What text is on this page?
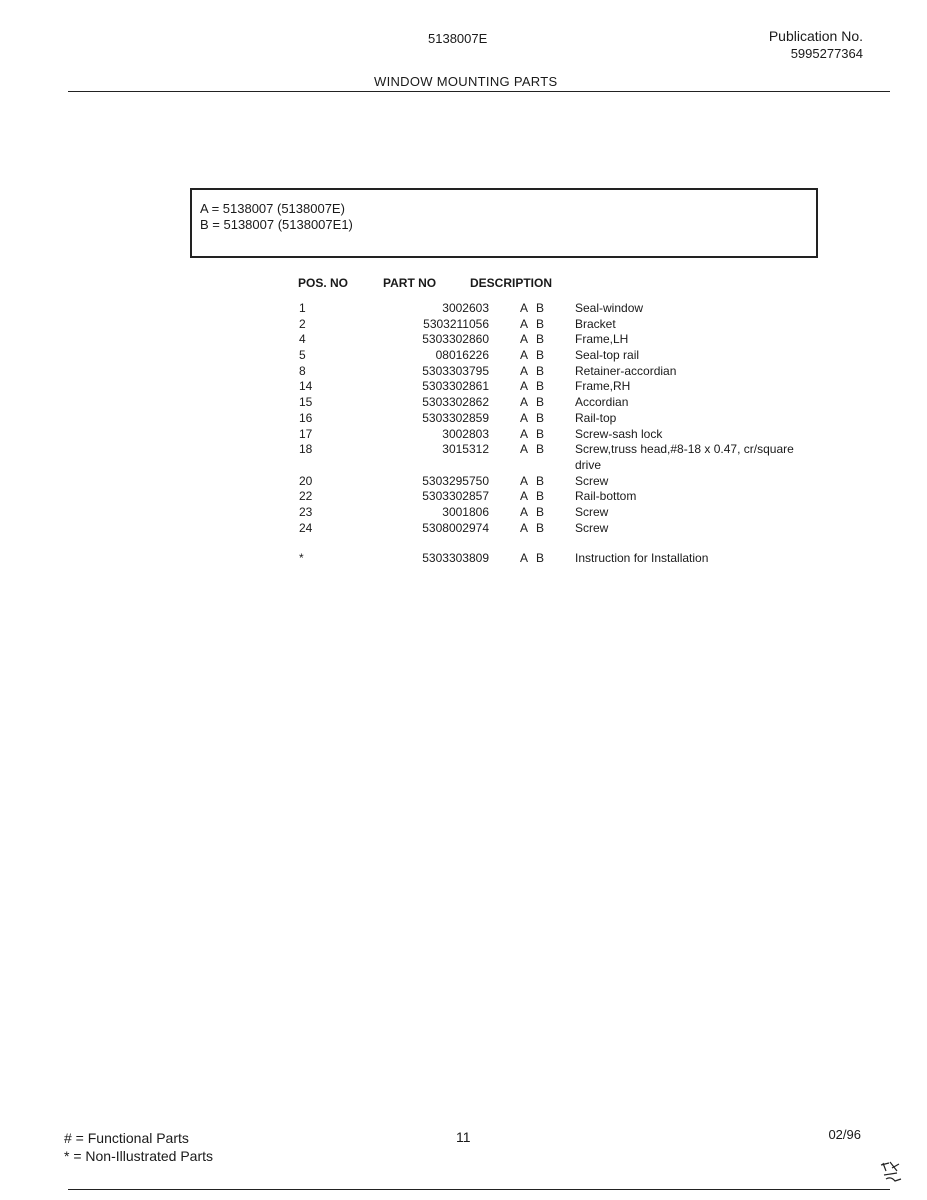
5138007E	Publication No.
5995277364
WINDOW MOUNTING PARTS
A = 5138007 (5138007E)
B = 5138007 (5138007E1)
POS. NO	PART NO	DESCRIPTION
1	3002603	A B	Seal-window
2	5303211056	A B	Bracket
4	5303302860	A B	Frame,LH
5	08016226	A B	Seal-top rail
8	5303303795	A B	Retainer-accordian
14	5303302861	A B	Frame,RH
15	5303302862	A B	Accordian
16	5303302859	A B	Rail-top
17	3002803	A B	Screw-sash lock
18	3015312	A B	Screw,truss head,#8-18 x 0.47, cr/square drive
20	5303295750	A B	Screw
22	5303302857	A B	Rail-bottom
23	3001806	A B	Screw
24	5308002974	A B	Screw
*	5303303809	A B	Instruction for Installation
# = Functional Parts
* = Non-Illustrated Parts
11	02/96
